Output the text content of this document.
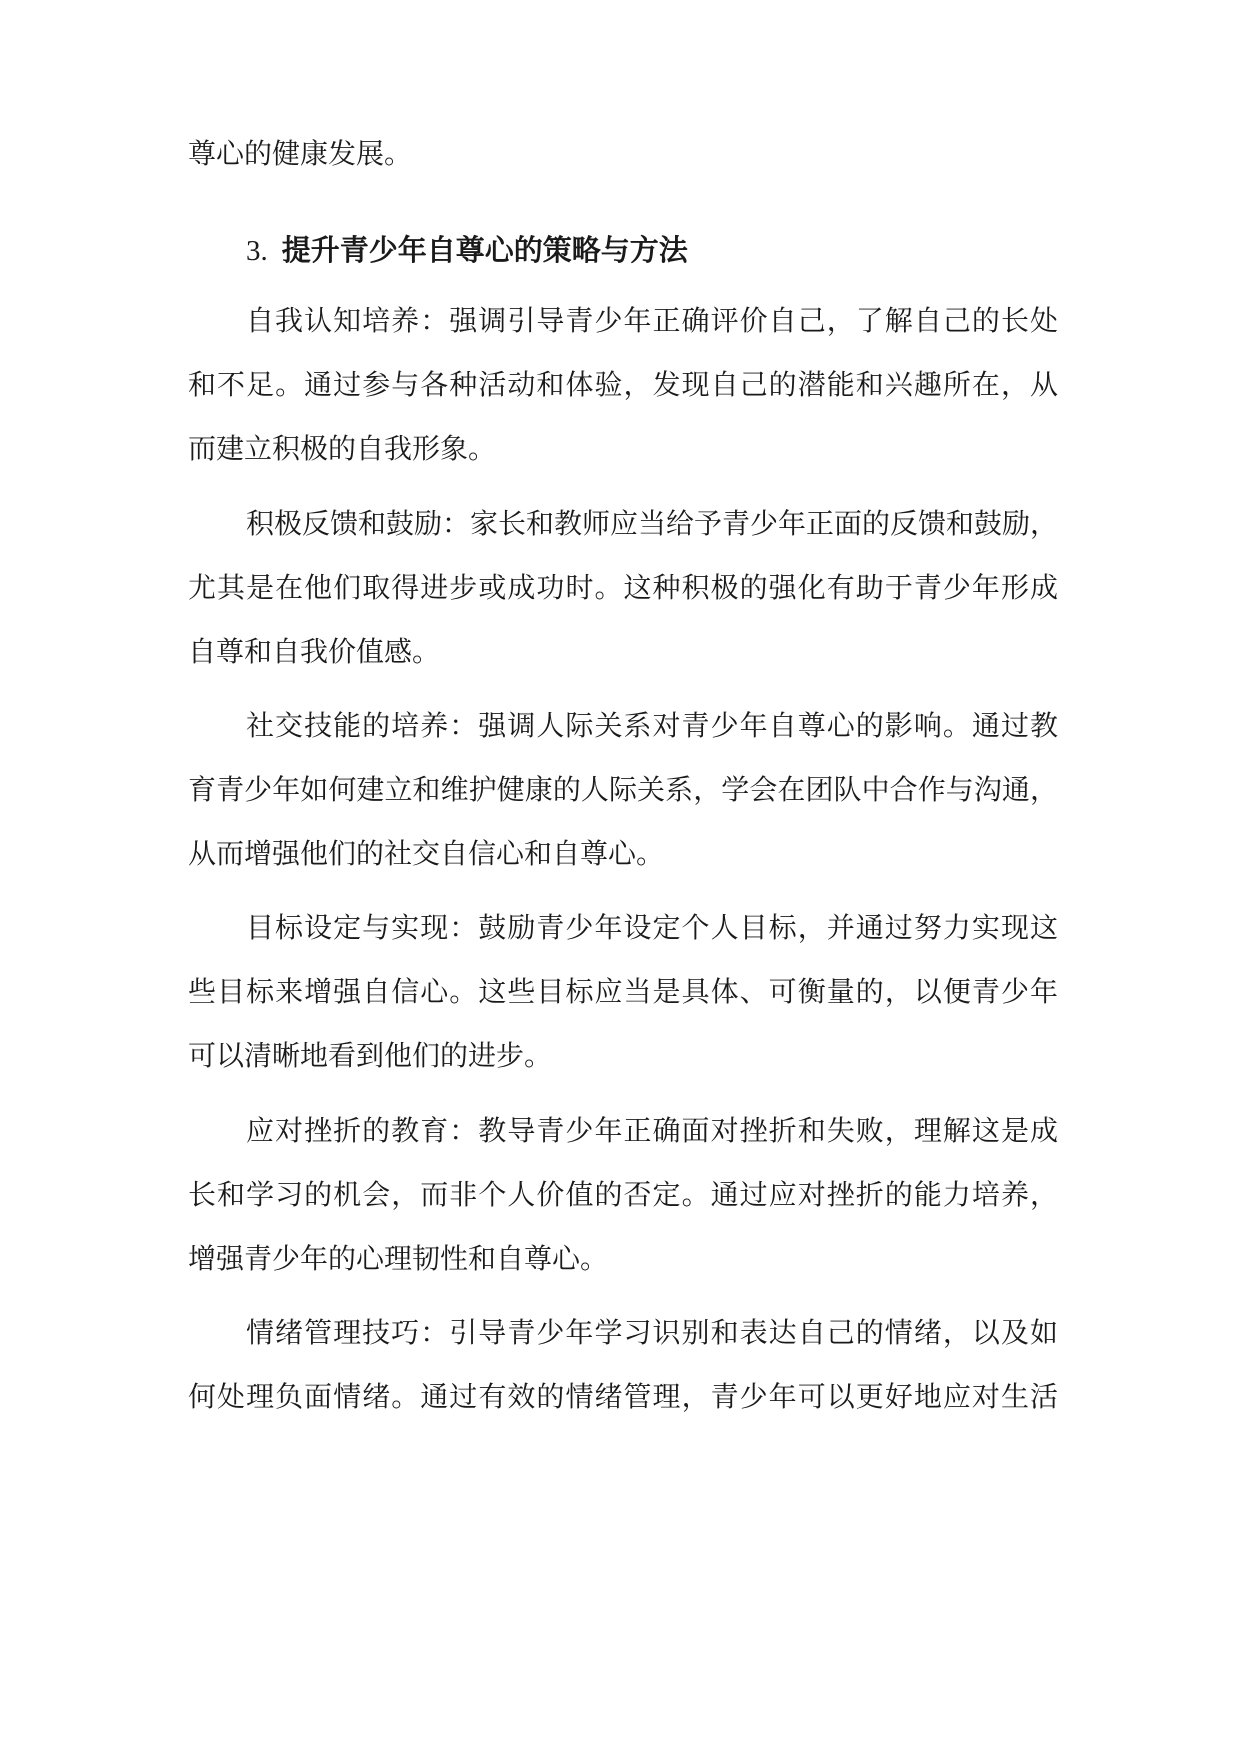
尊心的健康发展。
3. 提升青少年自尊心的策略与方法
自我认知培养：强调引导青少年正确评价自己，了解自己的长处
和不足。通过参与各种活动和体验，发现自己的潜能和兴趣所在，从
而建立积极的自我形象。
积极反馈和鼓励：家长和教师应当给予青少年正面的反馈和鼓励，
尤其是在他们取得进步或成功时。这种积极的强化有助于青少年形成
自尊和自我价值感。
社交技能的培养：强调人际关系对青少年自尊心的影响。通过教
育青少年如何建立和维护健康的人际关系，学会在团队中合作与沟通，
从而增强他们的社交自信心和自尊心。
目标设定与实现：鼓励青少年设定个人目标，并通过努力实现这
些目标来增强自信心。这些目标应当是具体、可衡量的，以便青少年
可以清晰地看到他们的进步。
应对挫折的教育：教导青少年正确面对挫折和失败，理解这是成
长和学习的机会，而非个人价值的否定。通过应对挫折的能力培养，
增强青少年的心理韧性和自尊心。
情绪管理技巧：引导青少年学习识别和表达自己的情绪，以及如
何处理负面情绪。通过有效的情绪管理，青少年可以更好地应对生活
